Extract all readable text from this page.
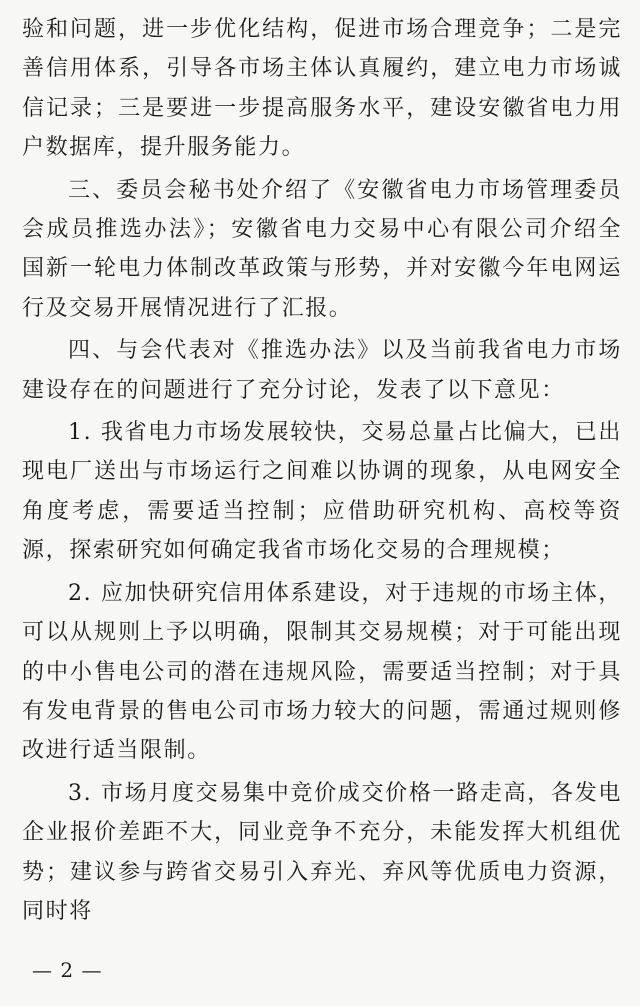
验和问题，进一步优化结构，促进市场合理竞争；二是完善信用体系，引导各市场主体认真履约，建立电力市场诚信记录；三是要进一步提高服务水平，建设安徽省电力用户数据库，提升服务能力。

三、委员会秘书处介绍了《安徽省电力市场管理委员会成员推选办法》；安徽省电力交易中心有限公司介绍全国新一轮电力体制改革政策与形势，并对安徽今年电网运行及交易开展情况进行了汇报。

四、与会代表对《推选办法》以及当前我省电力市场建设存在的问题进行了充分讨论，发表了以下意见：

1. 我省电力市场发展较快，交易总量占比偏大，已出现电厂送出与市场运行之间难以协调的现象，从电网安全角度考虑，需要适当控制；应借助研究机构、高校等资源，探索研究如何确定我省市场化交易的合理规模；

2. 应加快研究信用体系建设，对于违规的市场主体，可以从规则上予以明确，限制其交易规模；对于可能出现的中小售电公司的潜在违规风险，需要适当控制；对于具有发电背景的售电公司市场力较大的问题，需通过规则修改进行适当限制。

3. 市场月度交易集中竞价成交价格一路走高，各发电企业报价差距不大，同业竞争不充分，未能发挥大机组优势；建议参与跨省交易引入弃光、弃风等优质电力资源，同时将

— 2 —
